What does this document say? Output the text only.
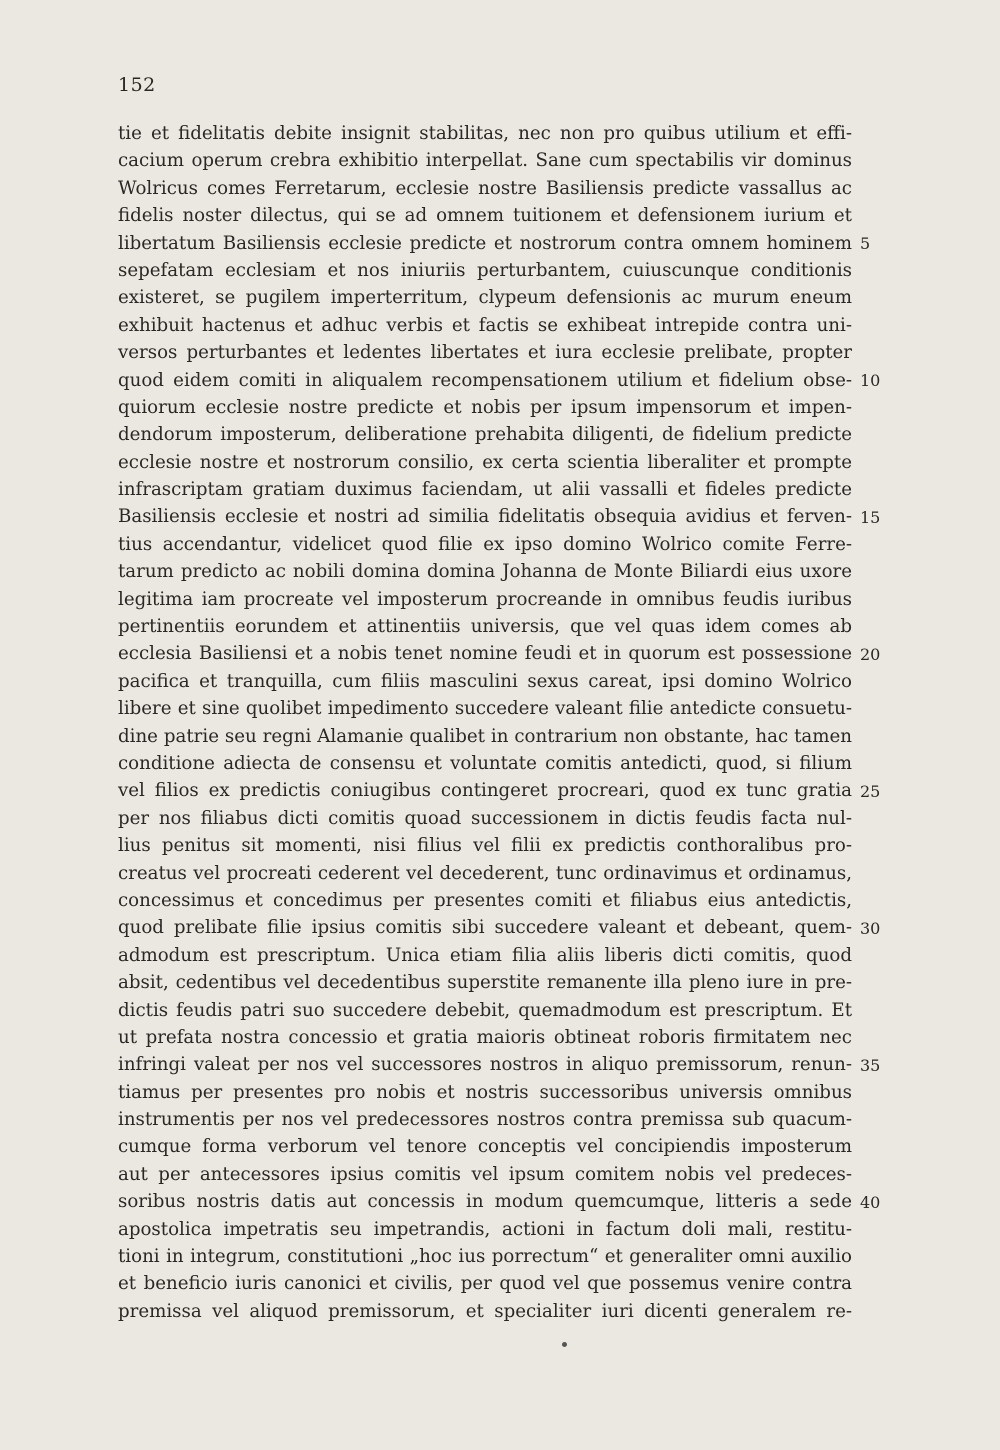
152
tie et fidelitatis debite insignit stabilitas, nec non pro quibus utilium et effi-
cacium operum crebra exhibitio interpellat. Sane cum spectabilis vir dominus
Wolricus comes Ferretarum, ecclesie nostre Basiliensis predicte vassallus ac
fidelis noster dilectus, qui se ad omnem tuitionem et defensionem iurium et
libertatum Basiliensis ecclesie predicte et nostrorum contra omnem hominem
sepefatam ecclesiam et nos iniuriis perturbantem, cuiuscunque conditionis
existeret, se pugilem imperterritum, clypeum defensionis ac murum eneum
exhibuit hactenus et adhuc verbis et factis se exhibeat intrepide contra uni-
versos perturbantes et ledentes libertates et iura ecclesie prelibate, propter
quod eidem comiti in aliqualem recompensationem utilium et fidelium obse-
quiorum ecclesie nostre predicte et nobis per ipsum impensorum et impen-
dendorum imposterum, deliberatione prehabita diligenti, de fidelium predicte
ecclesie nostre et nostrorum consilio, ex certa scientia liberaliter et prompte
infrascriptam gratiam duximus faciendam, ut alii vassalli et fideles predicte
Basiliensis ecclesie et nostri ad similia fidelitatis obsequia avidius et ferven-
tius accendantur, videlicet quod filie ex ipso domino Wolrico comite Ferre-
tarum predicto ac nobili domina domina Johanna de Monte Biliardi eius uxore
legitima iam procreate vel imposterum procreande in omnibus feudis iuribus
pertinentiis eorundem et attinentiis universis, que vel quas idem comes ab
ecclesia Basiliensi et a nobis tenet nomine feudi et in quorum est possessione
pacifica et tranquilla, cum filiis masculini sexus careat, ipsi domino Wolrico
libere et sine quolibet impedimento succedere valeant filie antedicte consuetu-
dine patrie seu regni Alamanie qualibet in contrarium non obstante, hac tamen
conditione adiecta de consensu et voluntate comitis antedicti, quod, si filium
vel filios ex predictis coniugibus contingeret procreari, quod ex tunc gratia
per nos filiabus dicti comitis quoad successionem in dictis feudis facta nul-
lius penitus sit momenti, nisi filius vel filii ex predictis conthoralibus pro-
creatus vel procreati cederent vel decederent, tunc ordinavimus et ordinamus,
concessimus et concedimus per presentes comiti et filiabus eius antedictis,
quod prelibate filie ipsius comitis sibi succedere valeant et debeant, quem-
admodum est prescriptum. Unica etiam filia aliis liberis dicti comitis, quod
absit, cedentibus vel decedentibus superstite remanente illa pleno iure in pre-
dictis feudis patri suo succedere debebit, quemadmodum est prescriptum. Et
ut prefata nostra concessio et gratia maioris obtineat roboris firmitatem nec
infringi valeat per nos vel successores nostros in aliquo premissorum, renun-
tiamus per presentes pro nobis et nostris successoribus universis omnibus
instrumentis per nos vel predecessores nostros contra premissa sub quacum-
cumque forma verborum vel tenore conceptis vel concipiendis imposterum
aut per antecessores ipsius comitis vel ipsum comitem nobis vel predeces-
soribus nostris datis aut concessis in modum quemcumque, litteris a sede
apostolica impetratis seu impetrandis, actioni in factum doli mali, restitu-
tioni in integrum, constitutioni „hoc ius porrectum“ et generaliter omni auxilio
et beneficio iuris canonici et civilis, per quod vel que possemus venire contra
premissa vel aliquod premissorum, et specialiter iuri dicenti generalem re-
5
10
15
20
25
30
35
40
